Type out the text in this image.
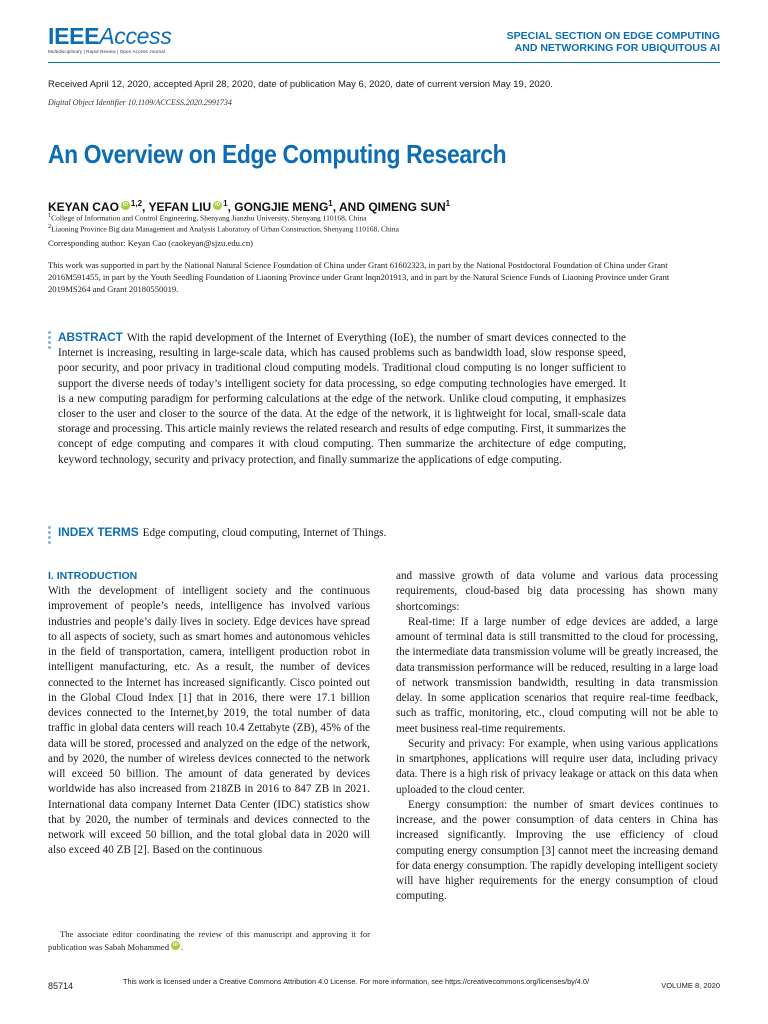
IEEEAccess
Multidisciplinary | Rapid Review | Open Access Journal
SPECIAL SECTION ON EDGE COMPUTING
AND NETWORKING FOR UBIQUITOUS AI
Received April 12, 2020, accepted April 28, 2020, date of publication May 6, 2020, date of current version May 19, 2020.
Digital Object Identifier 10.1109/ACCESS.2020.2991734
An Overview on Edge Computing Research
KEYAN CAO iD $^{1,2}$, YEFAN LIU iD $^1$, GONGJIE MENG$^1$, AND QIMENG SUN$^1$
$^1$College of Information and Control Engineering, Shenyang Jianzhu University, Shenyang 110168, China
$^2$Liaoning Province Big data Management and Analysis Laboratory of Urban Construction, Shenyang 110168, China
Corresponding author: Keyan Cao (caokeyan@sjzu.edu.cn)
This work was supported in part by the National Natural Science Foundation of China under Grant 61602323, in part by the National Postdoctoral Foundation of China under Grant 2016M591455, in part by the Youth Seedling Foundation of Liaoning Province under Grant lnqn201913, and in part by the Natural Science Funds of Liaoning Province under Grant 2019MS264 and Grant 20180550019.
ABSTRACT With the rapid development of the Internet of Everything (IoE), the number of smart devices connected to the Internet is increasing, resulting in large-scale data, which has caused problems such as bandwidth load, slow response speed, poor security, and poor privacy in traditional cloud computing models. Traditional cloud computing is no longer sufficient to support the diverse needs of today’s intelligent society for data processing, so edge computing technologies have emerged. It is a new computing paradigm for performing calculations at the edge of the network. Unlike cloud computing, it emphasizes closer to the user and closer to the source of the data. At the edge of the network, it is lightweight for local, small-scale data storage and processing. This article mainly reviews the related research and results of edge computing. First, it summarizes the concept of edge computing and compares it with cloud computing. Then summarize the architecture of edge computing, keyword technology, security and privacy protection, and finally summarize the applications of edge computing.
INDEX TERMS Edge computing, cloud computing, Internet of Things.
I. INTRODUCTION

With the development of intelligent society and the continuous improvement of people’s needs, intelligence has involved various industries and people’s daily lives in society. Edge devices have spread to all aspects of society, such as smart homes and autonomous vehicles in the field of transportation, camera, intelligent production robot in intelligent manufacturing, etc. As a result, the number of devices connected to the Internet has increased significantly. Cisco pointed out in the Global Cloud Index [1] that in 2016, there were 17.1 billion devices connected to the Internet,by 2019, the total number of data traffic in global data centers will reach 10.4 Zettabyte (ZB), 45% of the data will be stored, processed and analyzed on the edge of the network, and by 2020, the number of wireless devices connected to the network will exceed 50 billion. The amount of data generated by devices worldwide has also increased from 218ZB in 2016 to 847 ZB in 2021. International data company Internet Data Center (IDC) statistics show that by 2020, the number of terminals and devices connected to the network will exceed 50 billion, and the total global data in 2020 will also exceed 40 ZB [2]. Based on the continuous

and massive growth of data volume and various data processing requirements, cloud-based big data processing has shown many shortcomings:

Real-time: If a large number of edge devices are added, a large amount of terminal data is still transmitted to the cloud for processing, the intermediate data transmission volume will be greatly increased, the data transmission performance will be reduced, resulting in a large load of network transmission bandwidth, resulting in data transmission delay. In some application scenarios that require real-time feedback, such as traffic, monitoring, etc., cloud computing will not be able to meet business real-time requirements.

Security and privacy: For example, when using various applications in smartphones, applications will require user data, including privacy data. There is a high risk of privacy leakage or attack on this data when uploaded to the cloud center.

Energy consumption: the number of smart devices continues to increase, and the power consumption of data centers in China has increased significantly. Improving the use efficiency of cloud computing energy consumption [3] cannot meet the increasing demand for data energy consumption. The rapidly developing intelligent society will have higher requirements for the energy consumption of cloud computing.

The associate editor coordinating the review of this manuscript and approving it for publication was Sabah Mohammed iD .
85714	This work is licensed under a Creative Commons Attribution 4.0 License. For more information, see https://creativecommons.org/licenses/by/4.0/	VOLUME 8, 2020
